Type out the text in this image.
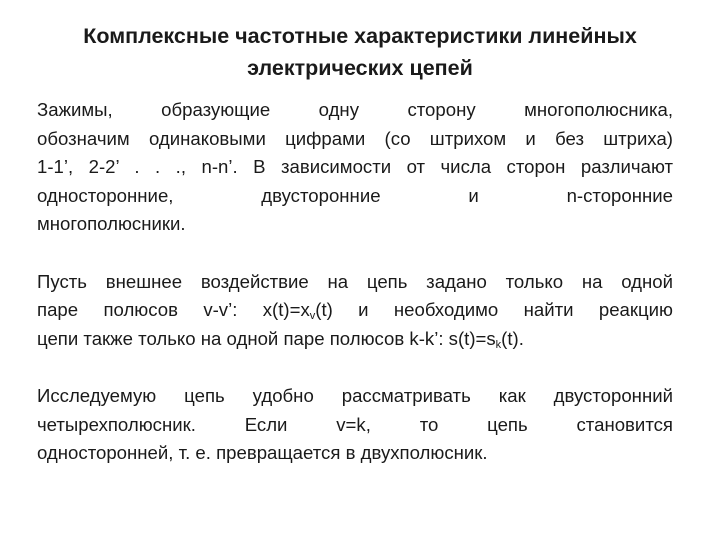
Комплексные частотные характеристики линейных
электрических цепей
Зажимы, образующие одну сторону многополюсника,
обозначим одинаковыми цифрами (со штрихом и без штриха)
1-1’, 2-2’ . . ., n-n’. В зависимости от числа сторон различают
односторонние, двусторонние и n-сторонние
многополюсники.
Пусть внешнее воздействие на цепь задано только на одной
паре полюсов v-v’: $x(t)=x_v(t)$ и необходимо найти реакцию
цепи также только на одной паре полюсов k-k’: $s(t)=s_k(t)$.
Исследуемую цепь удобно рассматривать как двусторонний
четырехполюсник. Если v=k, то цепь становится
односторонней, т. е. превращается в двухполюсник.
